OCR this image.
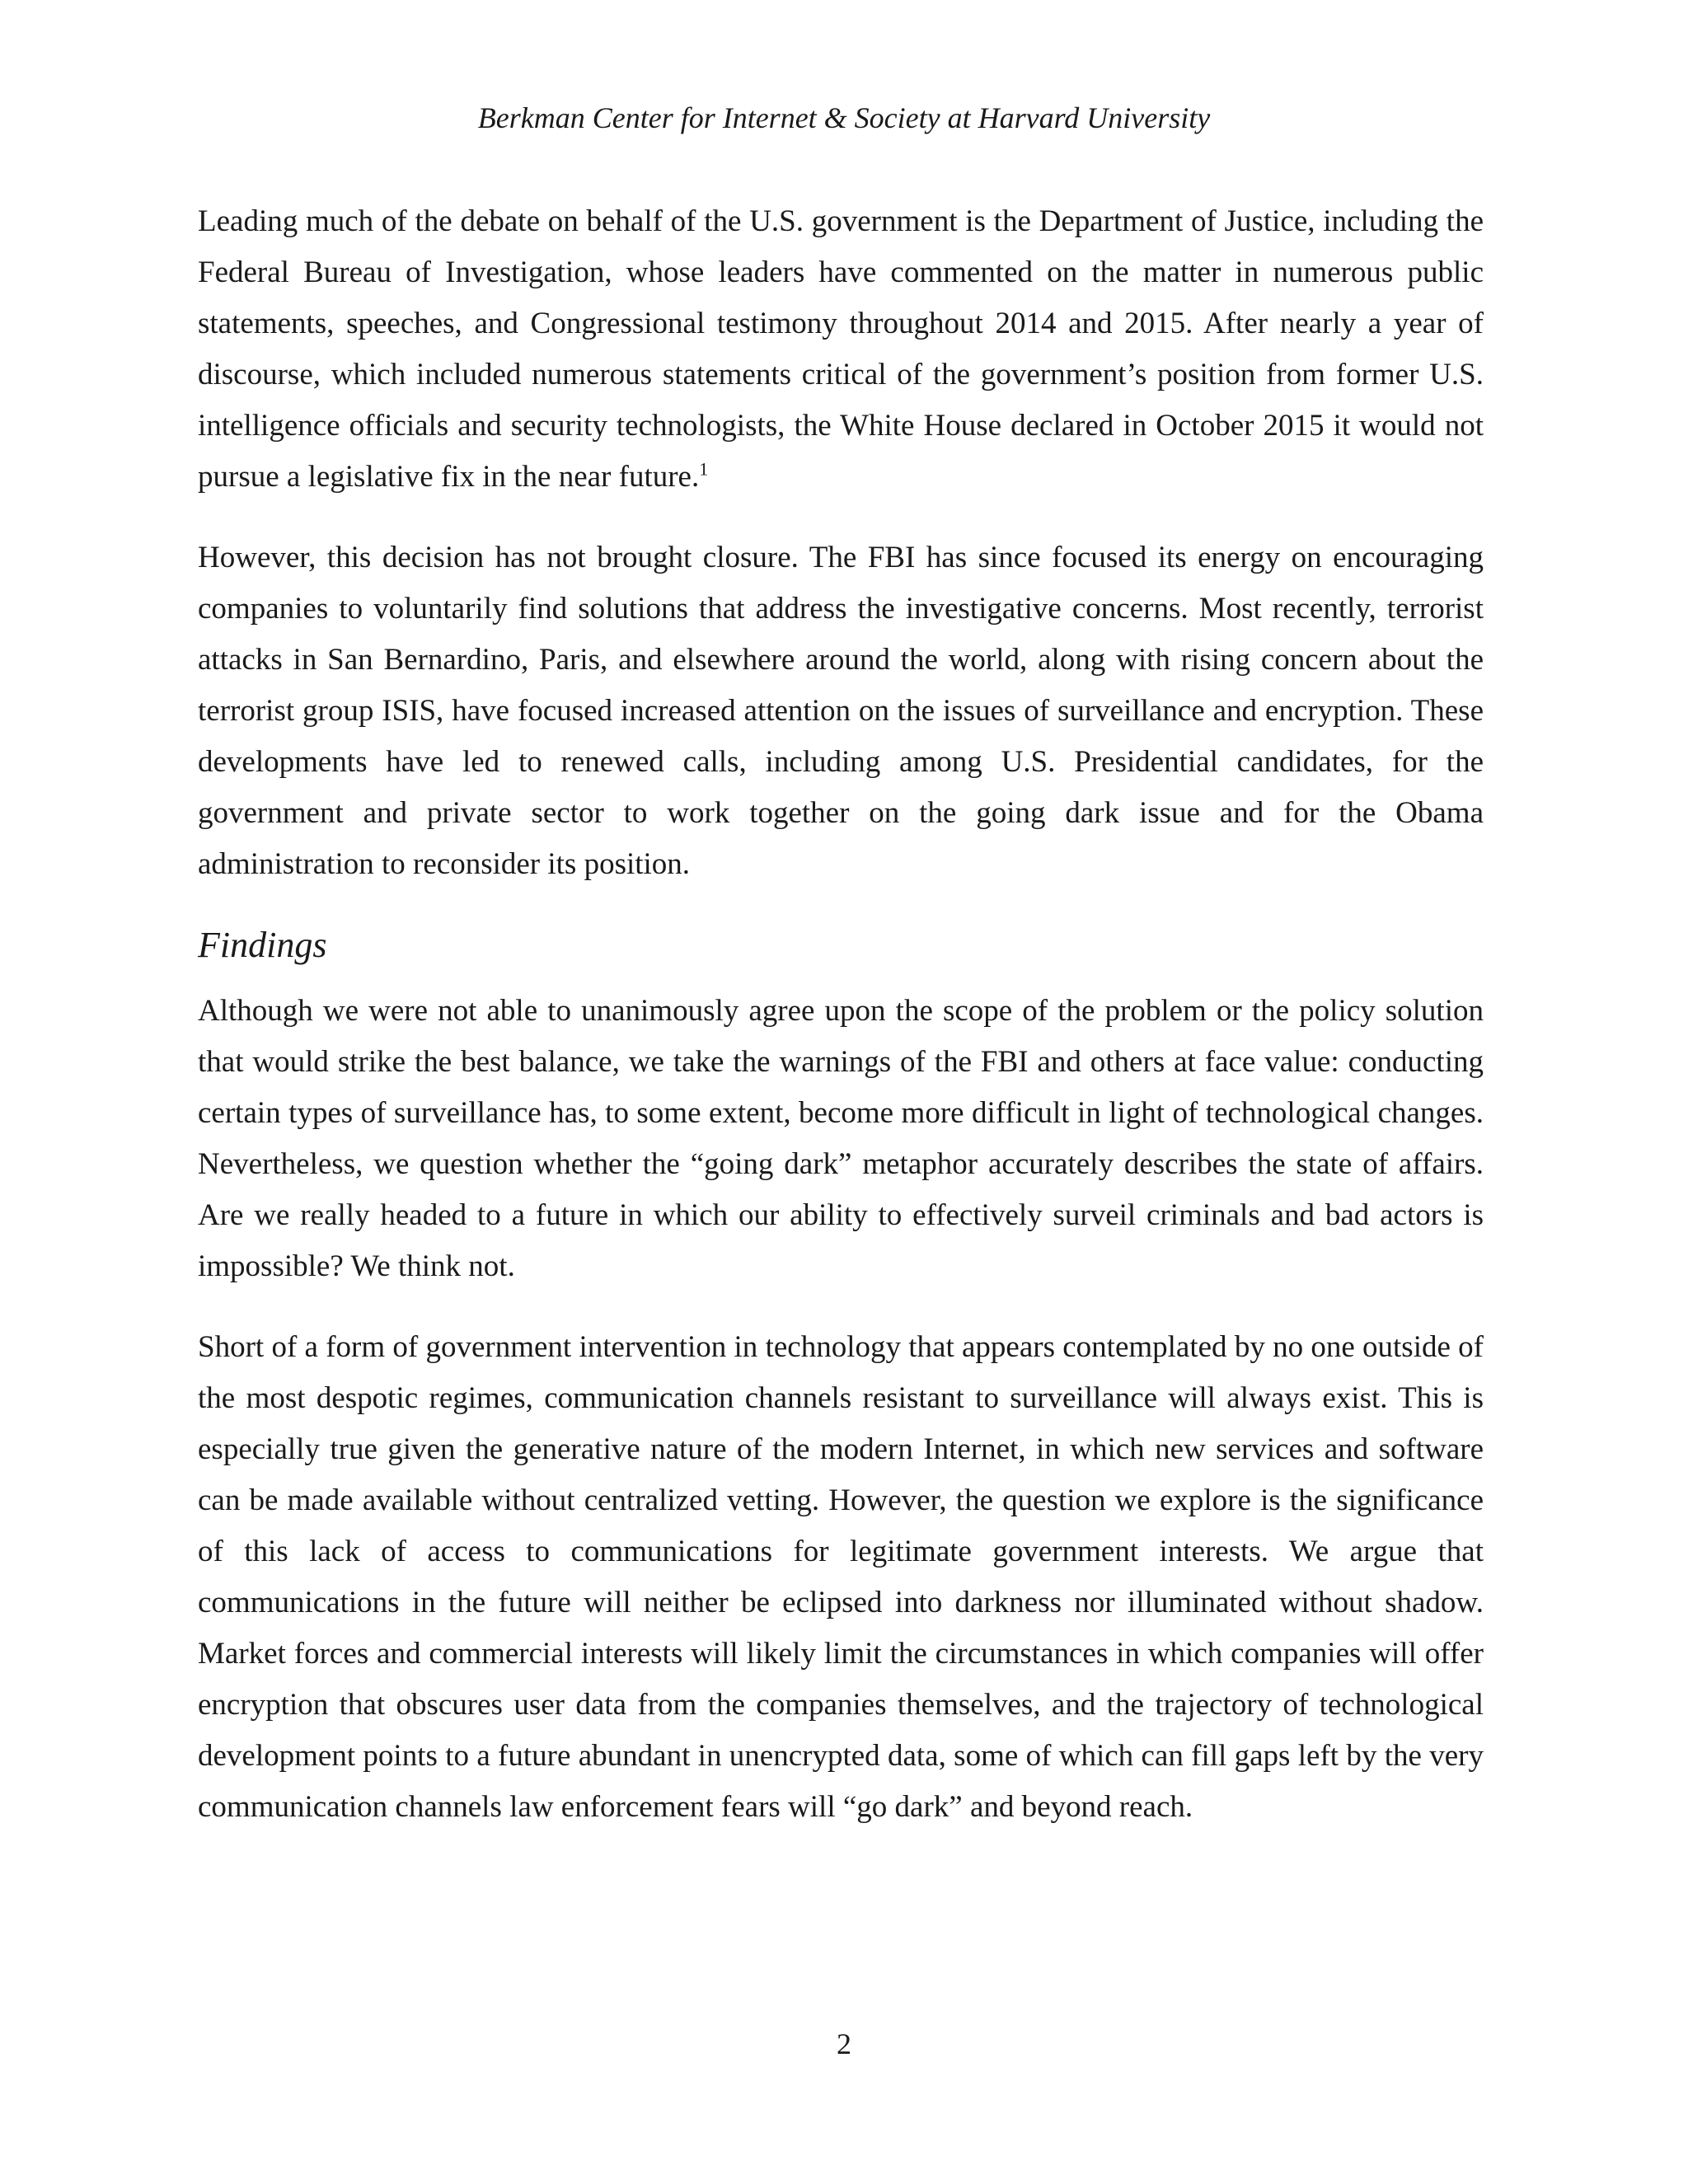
Berkman Center for Internet & Society at Harvard University

Leading much of the debate on behalf of the U.S. government is the Department of Justice, including the Federal Bureau of Investigation, whose leaders have commented on the matter in numerous public statements, speeches, and Congressional testimony throughout 2014 and 2015. After nearly a year of discourse, which included numerous statements critical of the government’s position from former U.S. intelligence officials and security technologists, the White House declared in October 2015 it would not pursue a legislative fix in the near future.$^1$

However, this decision has not brought closure. The FBI has since focused its energy on encouraging companies to voluntarily find solutions that address the investigative concerns. Most recently, terrorist attacks in San Bernardino, Paris, and elsewhere around the world, along with rising concern about the terrorist group ISIS, have focused increased attention on the issues of surveillance and encryption. These developments have led to renewed calls, including among U.S. Presidential candidates, for the government and private sector to work together on the going dark issue and for the Obama administration to reconsider its position.

Findings

Although we were not able to unanimously agree upon the scope of the problem or the policy solution that would strike the best balance, we take the warnings of the FBI and others at face value: conducting certain types of surveillance has, to some extent, become more difficult in light of technological changes. Nevertheless, we question whether the “going dark” metaphor accurately describes the state of affairs. Are we really headed to a future in which our ability to effectively surveil criminals and bad actors is impossible? We think not.

Short of a form of government intervention in technology that appears contemplated by no one outside of the most despotic regimes, communication channels resistant to surveillance will always exist. This is especially true given the generative nature of the modern Internet, in which new services and software can be made available without centralized vetting. However, the question we explore is the significance of this lack of access to communications for legitimate government interests. We argue that communications in the future will neither be eclipsed into darkness nor illuminated without shadow. Market forces and commercial interests will likely limit the circumstances in which companies will offer encryption that obscures user data from the companies themselves, and the trajectory of technological development points to a future abundant in unencrypted data, some of which can fill gaps left by the very communication channels law enforcement fears will “go dark” and beyond reach.

2
